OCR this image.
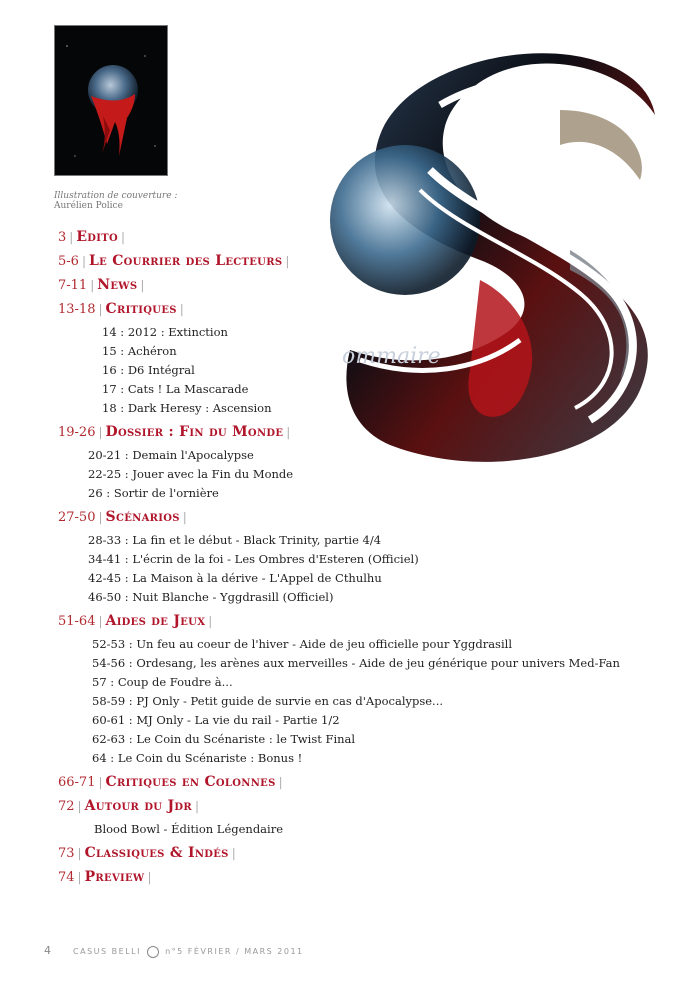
Illustration de couverture :
Aurélien Police
ommaire
3 | Edito |
5-6 | Le Courrier des Lecteurs |
7-11 | News |
13-18 | Critiques |
14 : 2012 : Extinction
15 : Achéron
16 : D6 Intégral
17 : Cats ! La Mascarade
18 : Dark Heresy : Ascension
19-26 | Dossier : Fin du Monde |
20-21 : Demain l'Apocalypse
22-25 : Jouer avec la Fin du Monde
26 : Sortir de l'ornière
27-50 | Scénarios |
28-33 : La fin et le début - Black Trinity, partie 4/4
34-41 : L'écrin de la foi - Les Ombres d'Esteren (Officiel)
42-45 : La Maison à la dérive - L'Appel de Cthulhu
46-50 : Nuit Blanche - Yggdrasill (Officiel)
51-64 | Aides de Jeux |
52-53 : Un feu au coeur de l'hiver - Aide de jeu officielle pour Yggdrasill
54-56 : Ordesang, les arènes aux merveilles - Aide de jeu générique pour univers Med-Fan
57 : Coup de Foudre à...
58-59 : PJ Only - Petit guide de survie en cas d'Apocalypse...
60-61 : MJ Only - La vie du rail - Partie 1/2
62-63 : Le Coin du Scénariste : le Twist Final
64 : Le Coin du Scénariste : Bonus !
66-71 | Critiques en Colonnes |
72 | Autour du Jdr |
Blood Bowl - Édition Légendaire
73 | Classiques & Indés |
74 | Preview |
4	CASUS BELLI	n°5 FÉVRIER / MARS 2011
